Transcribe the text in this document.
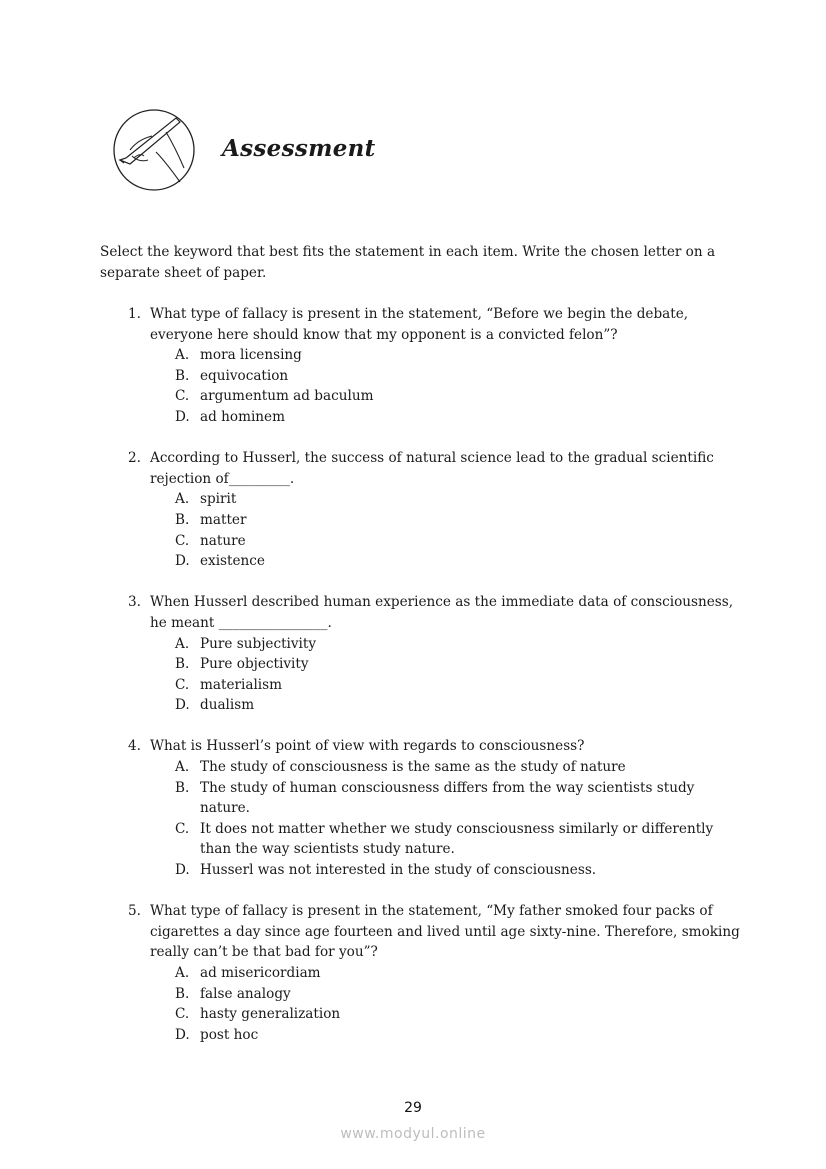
Assessment
Select the keyword that best fits the statement in each item. Write the chosen letter on a separate sheet of paper.
1. What type of fallacy is present in the statement, “Before we begin the debate, everyone here should know that my opponent is a convicted felon”?
A. mora licensing
B. equivocation
C. argumentum ad baculum
D. ad hominem
2. According to Husserl, the success of natural science lead to the gradual scientific rejection of_________.
A. spirit
B. matter
C. nature
D. existence
3. When Husserl described human experience as the immediate data of consciousness, he meant ________________.
A. Pure subjectivity
B. Pure objectivity
C. materialism
D. dualism
4. What is Husserl’s point of view with regards to consciousness?
A. The study of consciousness is the same as the study of nature
B. The study of human consciousness differs from the way scientists study nature.
C. It does not matter whether we study consciousness similarly or differently than the way scientists study nature.
D. Husserl was not interested in the study of consciousness.
5. What type of fallacy is present in the statement, “My father smoked four packs of cigarettes a day since age fourteen and lived until age sixty-nine. Therefore, smoking really can’t be that bad for you”?
A. ad misericordiam
B. false analogy
C. hasty generalization
D. post hoc
29
www.modyul.online
